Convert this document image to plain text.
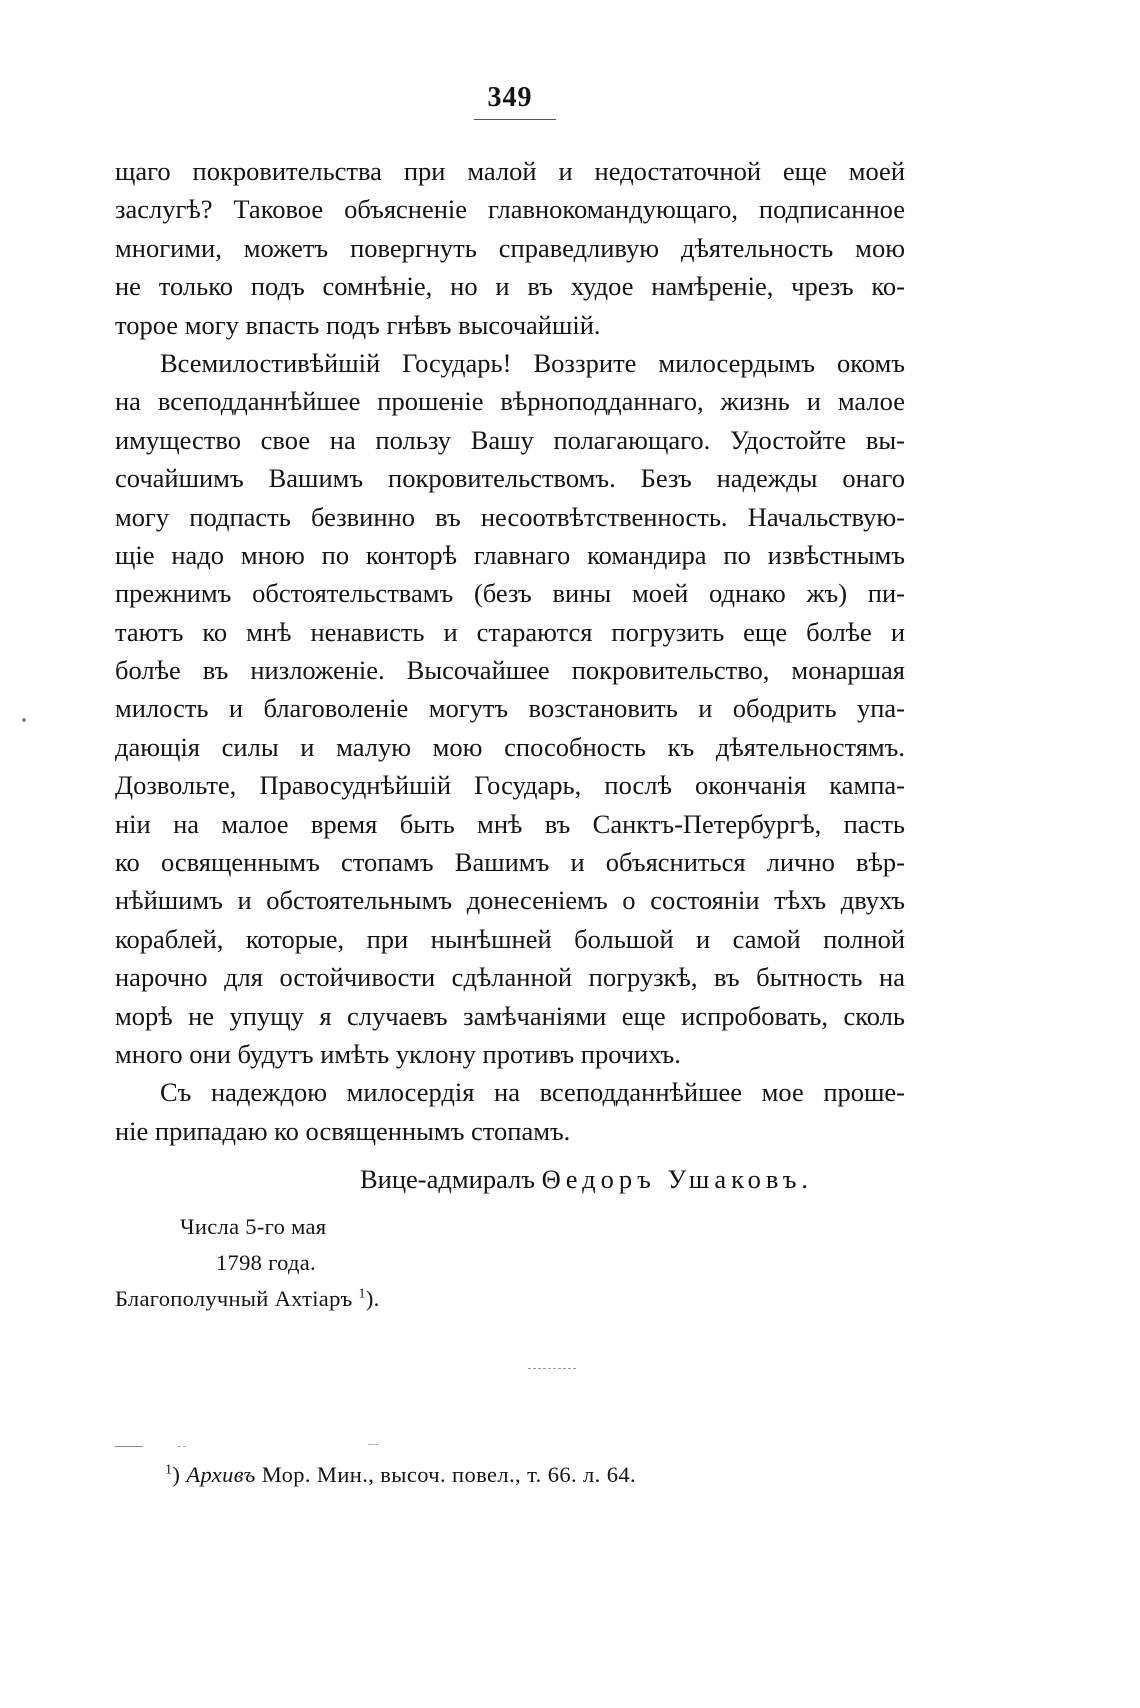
349
щаго покровительства при малой и недостаточной еще моей
заслугѣ? Таковое объясненіе главнокомандующаго, подписанное
многими, можетъ повергнуть справедливую дѣятельность мою
не только подъ сомнѣніе, но и въ худое намѣреніе, чрезъ ко-
торое могу впасть подъ гнѣвъ высочайшій.
Всемилостивѣйшій Государь! Воззрите милосердымъ окомъ
на всеподданнѣйшее прошеніе вѣрноподданнаго, жизнь и малое
имущество свое на пользу Вашу полагающаго. Удостойте вы-
сочайшимъ Вашимъ покровительствомъ. Безъ надежды онаго
могу подпасть безвинно въ несоотвѣтственность. Начальствую-
щіе надо мною по конторѣ главнаго командира по извѣстнымъ
прежнимъ обстоятельствамъ (безъ вины моей однако жъ) пи-
таютъ ко мнѣ ненависть и стараются погрузить еще болѣе и
болѣе въ низложеніе. Высочайшее покровительство, монаршая
милость и благоволеніе могутъ возстановить и ободрить упа-
дающія силы и малую мою способность къ дѣятельностямъ.
Дозвольте, Правосуднѣйшій Государь, послѣ окончанія кампа-
ніи на малое время быть мнѣ въ Санктъ-Петербургѣ, пасть
ко освященнымъ стопамъ Вашимъ и объясниться лично вѣр-
нѣйшимъ и обстоятельнымъ донесеніемъ о состояніи тѣхъ двухъ
кораблей, которые, при нынѣшней большой и самой полной
нарочно для остойчивости сдѣланной погрузкѣ, въ бытность на
морѣ не упущу я случаевъ замѣчаніями еще испробовать, сколь
много они будутъ имѣть уклону противъ прочихъ.
Съ надеждою милосердія на всеподданнѣйшее мое проше-
ніе припадаю ко освященнымъ стопамъ.
Вице-адмиралъ Θедоръ Ушаковъ.
Числа 5-го мая
1798 года.
Благополучный Ахтіаръ $^1$).
$^1$) Архивъ Мор. Мин., высоч. повел., т. 66. л. 64.
